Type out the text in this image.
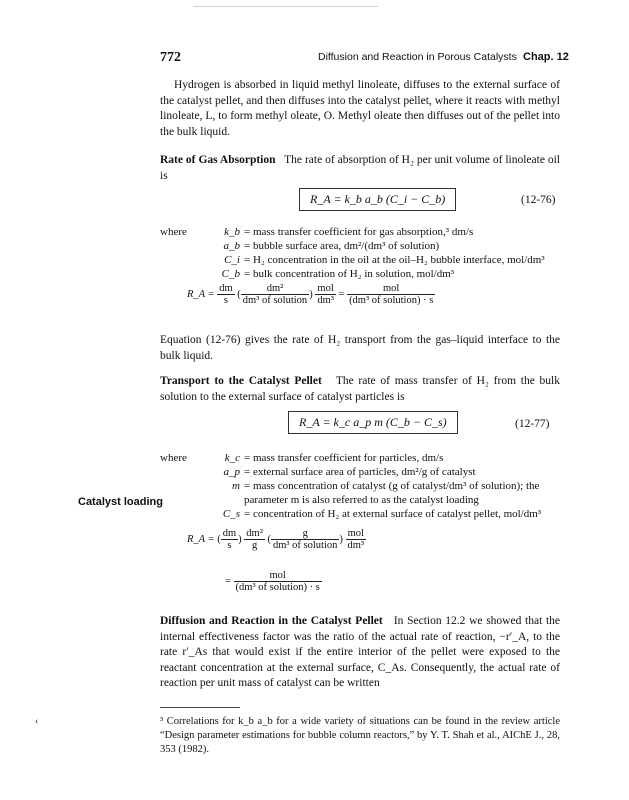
772	Diffusion and Reaction in Porous Catalysts Chap. 12
Hydrogen is absorbed in liquid methyl linoleate, diffuses to the external surface of the catalyst pellet, and then diffuses into the catalyst pellet, where it reacts with methyl linoleate, L, to form methyl oleate, O. Methyl oleate then diffuses out of the pellet into the bulk liquid.
Rate of Gas Absorption The rate of absorption of H₂ per unit volume of linoleate oil is
R_A = k_b a_b (C_i − C_b)	(12-76)
where	k_b = mass transfer coefficient for gas absorption,³ dm/s
a_b = bubble surface area, dm²/(dm³ of solution)
C_i = H₂ concentration in the oil at the oil–H₂ bubble interface, mol/dm³
C_b = bulk concentration of H₂ in solution, mol/dm³
R_A = $\frac{dm}{s}$ ( $\frac{\text{dm²}}{\text{dm³ of solution}}$ ) $\frac{\text{mol}}{\text{dm³}} = \frac{\text{mol}}{\text{(dm³ of solution) · s}}$
Equation (12-76) gives the rate of H₂ transport from the gas–liquid interface to the bulk liquid.
Transport to the Catalyst Pellet The rate of mass transfer of H₂ from the bulk solution to the external surface of catalyst particles is
R_A = k_c a_p m (C_b − C_s)	(12-77)
where	k_c = mass transfer coefficient for particles, dm/s
a_p = external surface area of particles, dm²/g of catalyst
m = mass concentration of catalyst (g of catalyst/dm³ of solution); the
parameter m is also referred to as the catalyst loading
C_s = concentration of H₂ at external surface of catalyst pellet, mol/dm³
Catalyst loading
R_A = ( $\frac{dm}{s}$ ) $\frac{\text{dm²}}{g}$ ( $\frac{g}{\text{dm³ of solution}}$ ) $\frac{\text{mol}}{\text{dm³}}$
= $\frac{\text{mol}}{\text{(dm³ of solution) · s}}$
Diffusion and Reaction in the Catalyst Pellet In Section 12.2 we showed that the internal effectiveness factor was the ratio of the actual rate of reaction, −r′_A, to the rate r′_As that would exist if the entire interior of the pellet were exposed to the reactant concentration at the external surface, C_As. Consequently, the actual rate of reaction per unit mass of catalyst can be written
‹	³ Correlations for k_b a_b for a wide variety of situations can be found in the review article “Design parameter estimations for bubble column reactors,” by Y. T. Shah et al., AIChE J., 28, 353 (1982).
